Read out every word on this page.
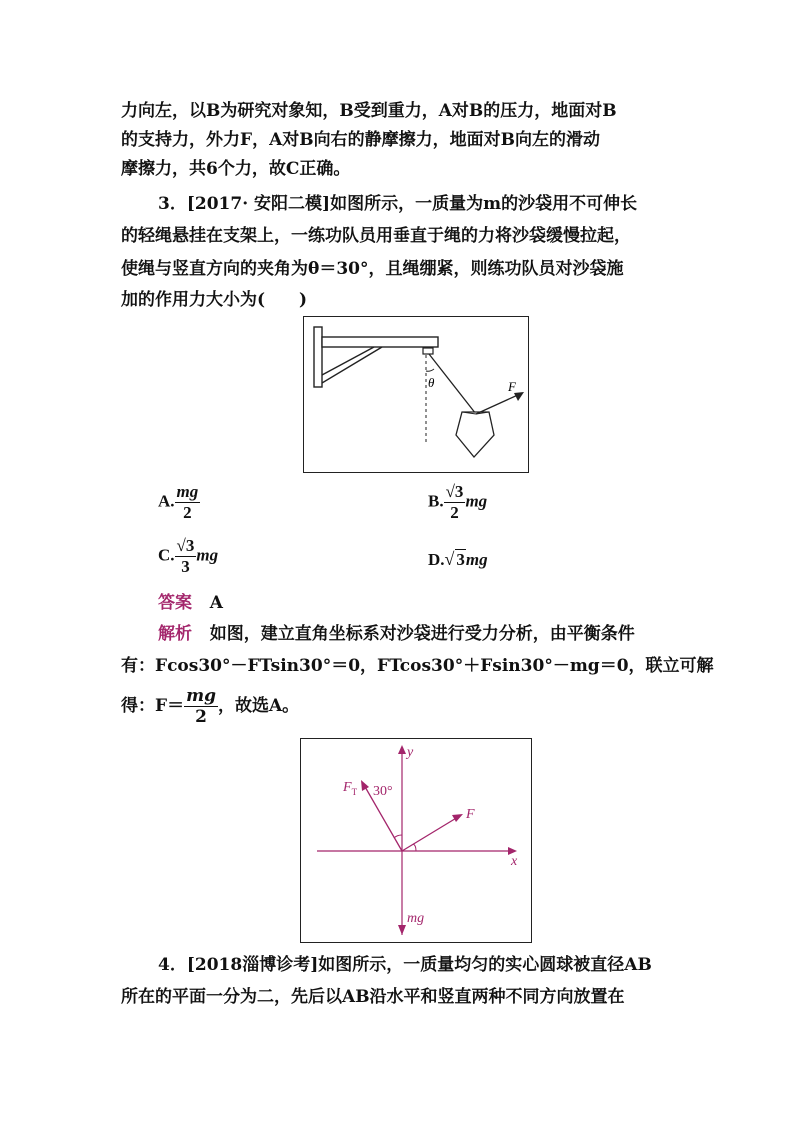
力向左，以B为研究对象知，B受到重力，A对B的压力，地面对B
的支持力，外力F，A对B向右的静摩擦力，地面对B向左的滑动
摩擦力，共6个力，故C正确。
3．[2017· 安阳二模]如图所示，一质量为m的沙袋用不可伸长
的轻绳悬挂在支架上，一练功队员用垂直于绳的力将沙袋缓慢拉起，
使绳与竖直方向的夹角为θ＝30°，且绳绷紧，则练功队员对沙袋施
加的作用力大小为(　　)
θ	F
A. $\frac{mg}{2}$	B. $\frac{√3}{2}$ mg
C. $\frac{√3}{3}$ mg	D.√ 3mg
答案 A
解析 如图，建立直角坐标系对沙袋进行受力分析，由平衡条件
有：Fcos30°－FTsin30°＝0，FTcos30°＋Fsin30°－mg＝0，联立可解
得：$F= \frac{mg}{2}$ ，故选A。
x
y
mg
$F_T$ 30°
F
4．[2018淄博诊考]如图所示，一质量均匀的实心圆球被直径AB
所在的平面一分为二，先后以AB沿水平和竖直两种不同方向放置在
